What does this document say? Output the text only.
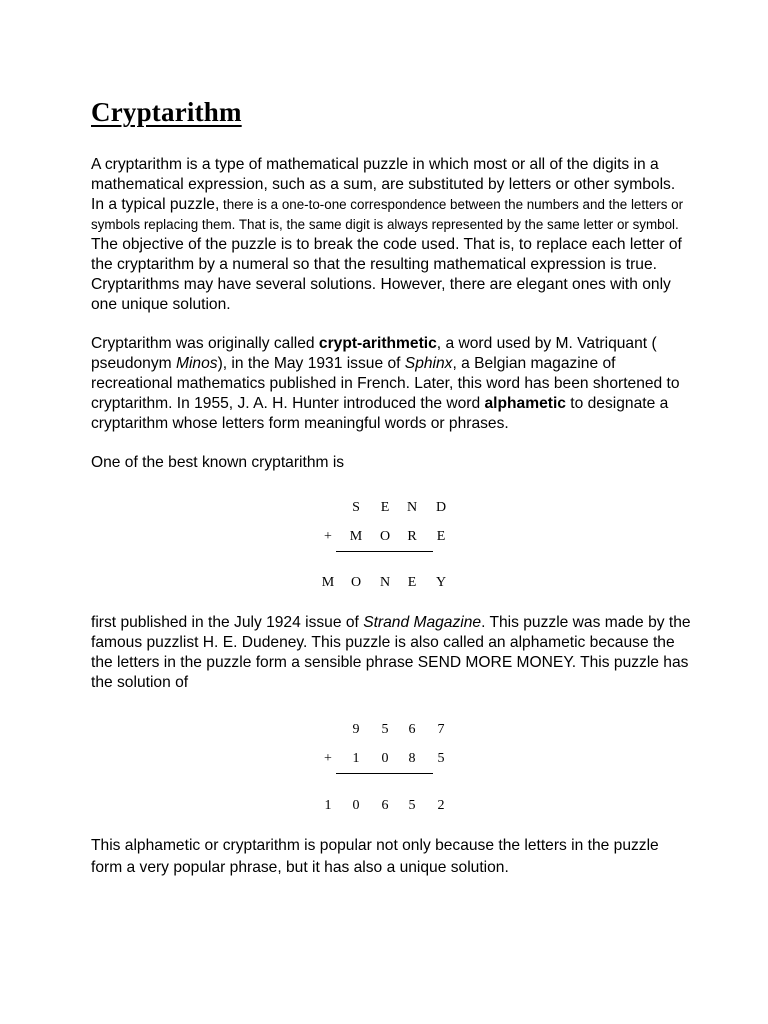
Cryptarithm

A cryptarithm is a type of mathematical puzzle in which most or all of the digits in a mathematical expression, such as a sum, are substituted by letters or other symbols. In a typical puzzle, there is a one-to-one correspondence between the numbers and the letters or symbols replacing them. That is, the same digit is always represented by the same letter or symbol. The objective of the puzzle is to break the code used. That is, to replace each letter of the cryptarithm by a numeral so that the resulting mathematical expression is true. Cryptarithms may have several solutions. However, there are elegant ones with only one unique solution.

Cryptarithm was originally called crypt-arithmetic, a word used by M. Vatriquant ( pseudonym Minos), in the May 1931 issue of Sphinx, a Belgian magazine of recreational mathematics published in French. Later, this word has been shortened to cryptarithm. In 1955, J. A. H. Hunter introduced the word alphametic to designate a cryptarithm whose letters form meaningful words or phrases.

One of the best known cryptarithm is

S E N D
+ M O R E
M O N E Y

first published in the July 1924 issue of Strand Magazine. This puzzle was made by the famous puzzlist H. E. Dudeney. This puzzle is also called an alphametic because the the letters in the puzzle form a sensible phrase SEND MORE MONEY. This puzzle has the solution of

9 5 6 7
+ 1 0 8 5
1 0 6 5 2

This alphametic or cryptarithm is popular not only because the letters in the puzzle form a very popular phrase, but it has also a unique solution.
